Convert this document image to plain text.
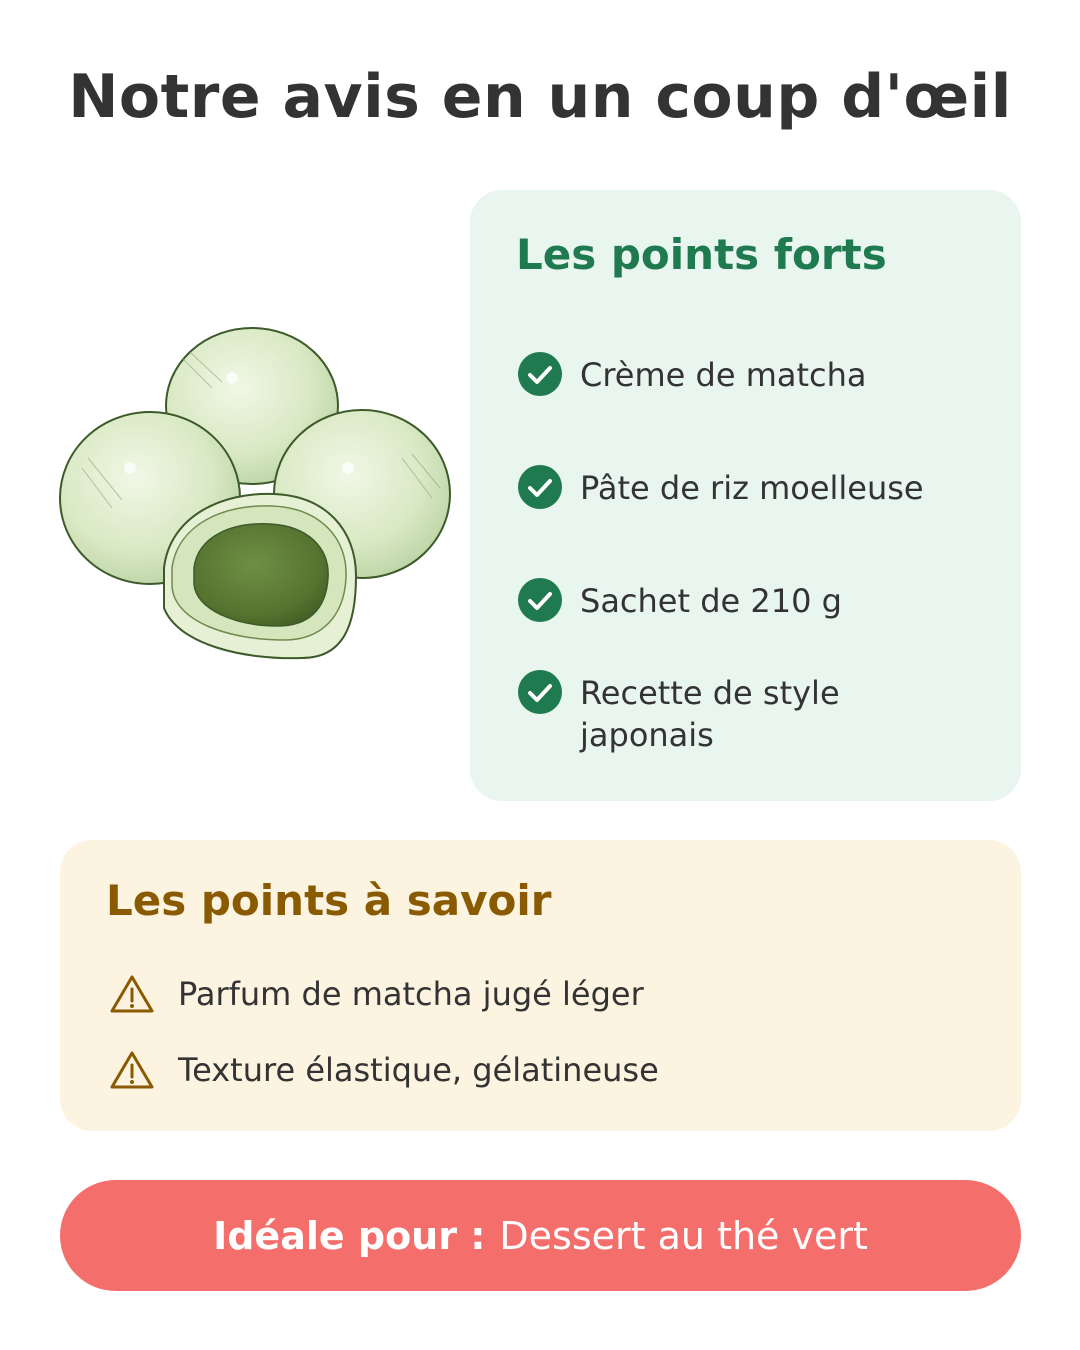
Notre avis en un coup d'œil
Les points forts
Crème de matcha
Pâte de riz moelleuse
Sachet de 210 g
Recette de style japonais
Les points à savoir
Parfum de matcha jugé léger
Texture élastique, gélatineuse
Idéale pour : Dessert au thé vert
